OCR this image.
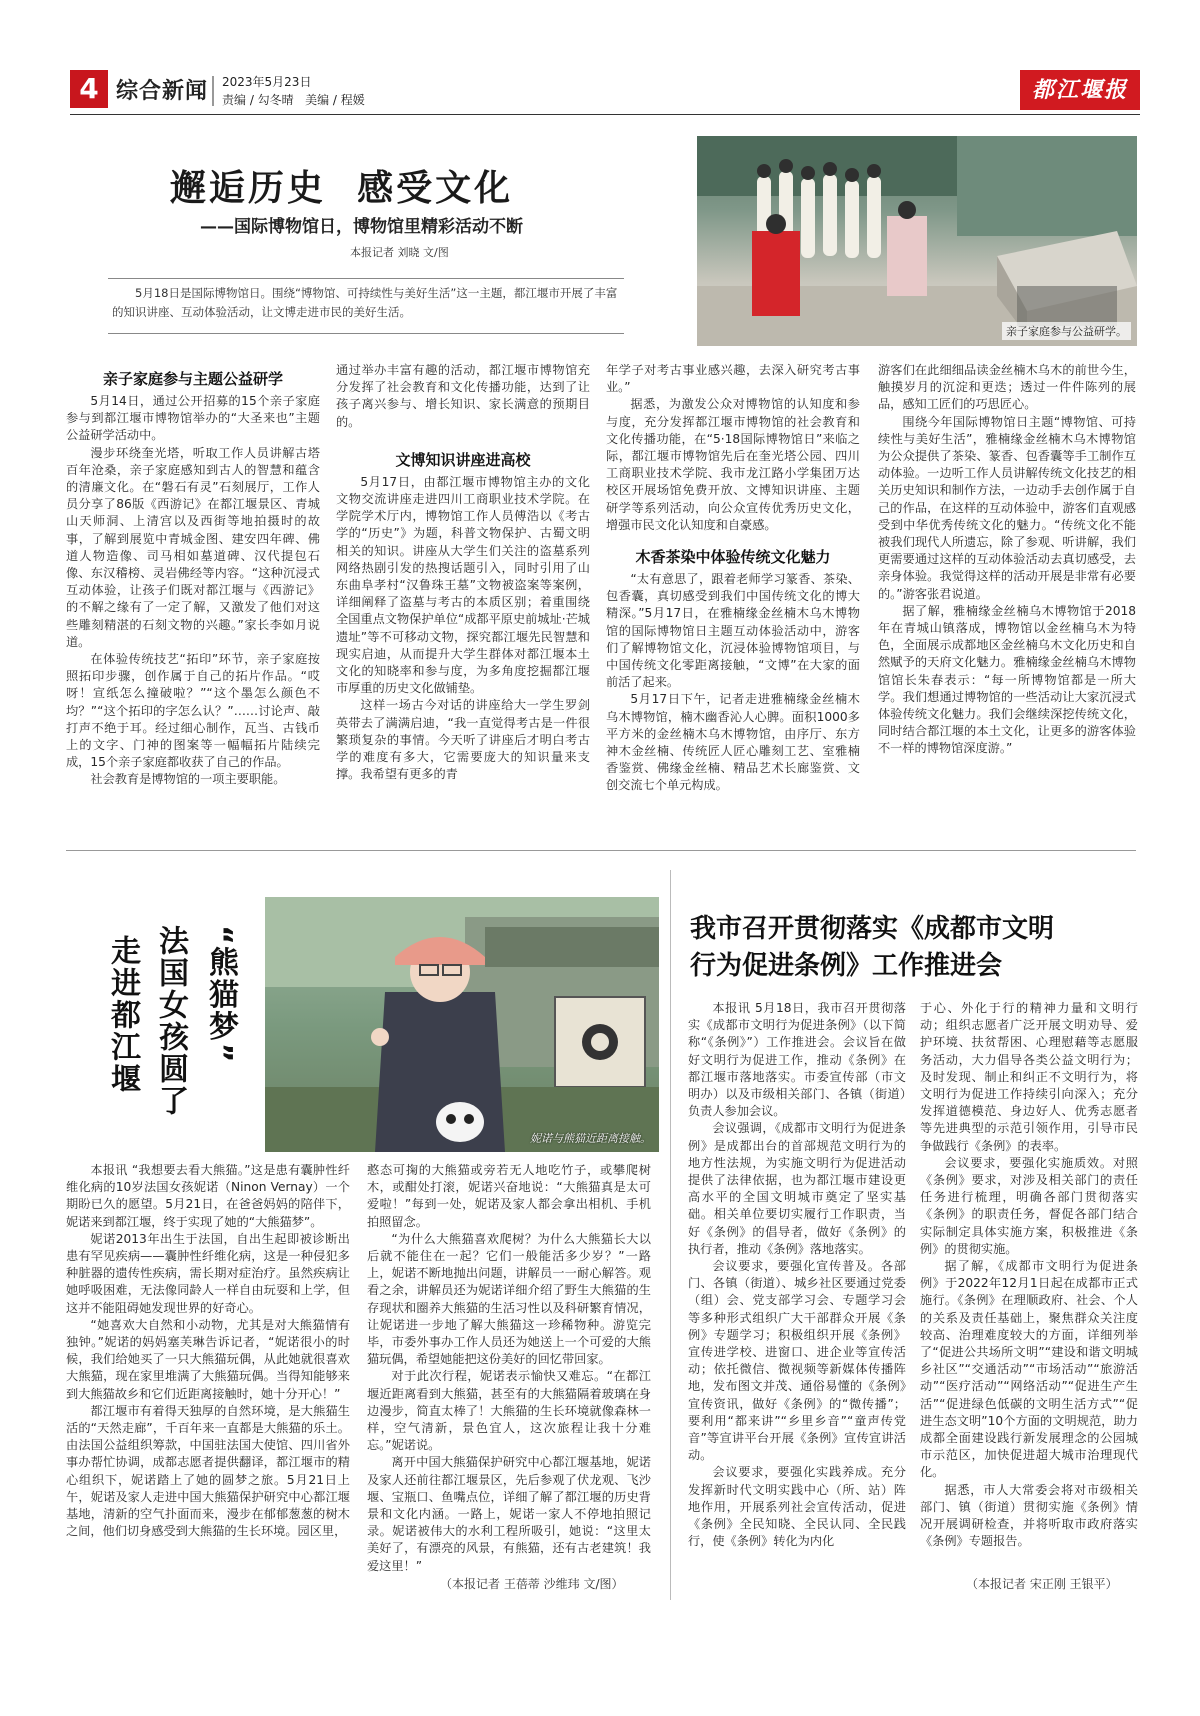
4 综合新闻 2023年5月23日
责编 / 勾冬晴   美编 / 程媛	都江堰报
邂逅历史  感受文化
——国际博物馆日，博物馆里精彩活动不断
本报记者 刘晓 文/图
5月18日是国际博物馆日。围绕“博物馆、可持续性与美好生活”这一主题，都江堰市开展了丰富的知识讲座、互动体验活动，让文博走进市民的美好生活。
亲子家庭参与公益研学。
亲子家庭参与主题公益研学

5月14日，通过公开招募的15个亲子家庭参与到都江堰市博物馆举办的“大圣来也”主题公益研学活动中。

漫步环绕奎光塔，听取工作人员讲解古塔百年沧桑，亲子家庭感知到古人的智慧和蕴含的清廉文化。在“磐石有灵”石刻展厅，工作人员分享了86版《西游记》在都江堰景区、青城山天师洞、上清宫以及西街等地拍摄时的故事，了解到展览中青城金图、建安四年碑、佛道人物造像、司马相如墓道碑、汉代提包石像、东汉稽榜、灵岩佛经等内容。“这种沉浸式互动体验，让孩子们既对都江堰与《西游记》的不解之缘有了一定了解，又激发了他们对这些雕刻精湛的石刻文物的兴趣。”家长李如月说道。

在体验传统技艺“拓印”环节，亲子家庭按照拓印步骤，创作属于自己的拓片作品。“哎呀！宣纸怎么撞破啦？”“这个墨怎么颜色不均？”“这个拓印的字怎么认？”……讨论声、敲打声不绝于耳。经过细心制作，瓦当、古钱币上的文字、门神的图案等一幅幅拓片陆续完成，15个亲子家庭都收获了自己的作品。

社会教育是博物馆的一项主要职能。

通过举办丰富有趣的活动，都江堰市博物馆充分发挥了社会教育和文化传播功能，达到了让孩子离兴参与、增长知识、家长满意的预期目的。

文博知识讲座进高校

5月17日，由都江堰市博物馆主办的文化文物交流讲座走进四川工商职业技术学院。在学院学术厅内，博物馆工作人员傅浩以《考古学的“历史”》为题，科普文物保护、古蜀文明相关的知识。讲座从大学生们关注的盗墓系列网络热剧引发的热搜话题引入，同时引用了山东曲阜孝村“汉鲁珠王墓”文物被盗案等案例，详细阐释了盗墓与考古的本质区别；着重围绕全国重点文物保护单位“成都平原史前城址·芒城遗址”等不可移动文物，探究都江堰先民智慧和现实启迪，从而提升大学生群体对都江堰本土文化的知晓率和参与度，为多角度挖掘都江堰市厚重的历史文化做铺垫。

这样一场古今对话的讲座给大一学生罗剑英带去了满满启迪，“我一直觉得考古是一件很繁琐复杂的事情。今天听了讲座后才明白考古学的难度有多大，它需要庞大的知识量来支撑。我希望有更多的青

年学子对考古事业感兴趣，去深入研究考古事业。”

据悉，为激发公众对博物馆的认知度和参与度，充分发挥都江堰市博物馆的社会教育和文化传播功能，在“5·18国际博物馆日”来临之际，都江堰市博物馆先后在奎光塔公园、四川工商职业技术学院、我市龙江路小学集团万达校区开展场馆免费开放、文博知识讲座、主题研学等系列活动，向公众宣传优秀历史文化，增强市民文化认知度和自豪感。

木香茶染中体验传统文化魅力

“太有意思了，跟着老师学习篆香、茶染、包香囊，真切感受到我们中国传统文化的博大精深。”5月17日，在雅楠缘金丝楠木乌木博物馆的国际博物馆日主题互动体验活动中，游客们了解博物馆文化，沉浸体验博物馆项目，与中国传统文化零距离接触，“文博”在大家的面前活了起来。

5月17日下午，记者走进雅楠缘金丝楠木乌木博物馆，楠木幽香沁人心脾。面积1000多平方米的金丝楠木乌木博物馆，由序厅、东方神木金丝楠、传统匠人匠心雕刻工艺、室雅楠香鉴赏、佛缘金丝楠、精品艺术长廊鉴赏、文创交流七个单元构成。

游客们在此细细品读金丝楠木乌木的前世今生，触摸岁月的沉淀和更迭；透过一件件陈列的展品，感知工匠们的巧思匠心。

围绕今年国际博物馆日主题“博物馆、可持续性与美好生活”，雅楠缘金丝楠木乌木博物馆为公众提供了茶染、篆香、包香囊等手工制作互动体验。一边听工作人员讲解传统文化技艺的相关历史知识和制作方法，一边动手去创作属于自己的作品，在这样的互动体验中，游客们直观感受到中华优秀传统文化的魅力。“传统文化不能被我们现代人所遗忘，除了参观、听讲解，我们更需要通过这样的互动体验活动去真切感受，去亲身体验。我觉得这样的活动开展是非常有必要的。”游客张君说道。

据了解，雅楠缘金丝楠乌木博物馆于2018年在青城山镇落成，博物馆以金丝楠乌木为特色，全面展示成都地区金丝楠乌木文化历史和自然赋予的天府文化魅力。雅楠缘金丝楠乌木博物馆馆长朱春表示：“每一所博物馆都是一所大学。我们想通过博物馆的一些活动让大家沉浸式体验传统文化魅力。我们会继续深挖传统文化，同时结合都江堰的本土文化，让更多的游客体验不一样的博物馆深度游。”

走进都江堰 法国女孩圆了 “熊猫梦”
妮诺与熊猫近距离接触。

本报讯 “我想要去看大熊猫。”这是患有囊肿性纤维化病的10岁法国女孩妮诺（Ninon Vernay）一个期盼已久的愿望。5月21日，在爸爸妈妈的陪伴下，妮诺来到都江堰，终于实现了她的“大熊猫梦”。

妮诺2013年出生于法国，自出生起即被诊断出患有罕见疾病——囊肿性纤维化病，这是一种侵犯多种脏器的遗传性疾病，需长期对症治疗。虽然疾病让她呼吸困难，无法像同龄人一样自由玩耍和上学，但这并不能阻碍她发现世界的好奇心。

“她喜欢大自然和小动物，尤其是对大熊猫情有独钟。”妮诺的妈妈塞芙琳告诉记者，“妮诺很小的时候，我们给她买了一只大熊猫玩偶，从此她就很喜欢大熊猫，现在家里堆满了大熊猫玩偶。当得知能够来到大熊猫故乡和它们近距离接触时，她十分开心！”

都江堰市有着得天独厚的自然环境，是大熊猫生活的“天然走廊”，千百年来一直都是大熊猫的乐土。由法国公益组织筹款，中国驻法国大使馆、四川省外事办帮忙协调，成都志愿者提供翻译，都江堰市的精心组织下，妮诺踏上了她的圆梦之旅。5月21日上午，妮诺及家人走进中国大熊猫保护研究中心都江堰基地，清新的空气扑面而来，漫步在郁郁葱葱的树木之间，他们切身感受到大熊猫的生长环境。园区里，

憨态可掬的大熊猫或旁若无人地吃竹子，或攀爬树木，或酣处打滚，妮诺兴奋地说：“大熊猫真是太可爱啦！”每到一处，妮诺及家人都会拿出相机、手机拍照留念。

“为什么大熊猫喜欢爬树？为什么大熊猫长大以后就不能住在一起？它们一般能活多少岁？”一路上，妮诺不断地抛出问题，讲解员一一耐心解答。观看之余，讲解员还为妮诺详细介绍了野生大熊猫的生存现状和圈养大熊猫的生活习性以及科研繁育情况，让妮诺进一步地了解大熊猫这一珍稀物种。游览完毕，市委外事办工作人员还为她送上一个可爱的大熊猫玩偶，希望她能把这份美好的回忆带回家。

对于此次行程，妮诺表示愉快又难忘。“在都江堰近距离看到大熊猫，甚至有的大熊猫隔着玻璃在身边漫步，简直太棒了！大熊猫的生长环境就像森林一样，空气清新，景色宜人，这次旅程让我十分难忘。”妮诺说。

离开中国大熊猫保护研究中心都江堰基地，妮诺及家人还前往都江堰景区，先后参观了伏龙观、飞沙堰、宝瓶口、鱼嘴点位，详细了解了都江堰的历史背景和文化内涵。一路上，妮诺一家人不停地拍照记录。妮诺被伟大的水利工程所吸引，她说：“这里太美好了，有漂亮的风景，有熊猫，还有古老建筑！我爱这里！”

（本报记者 王蓓蒂 沙维玮 文/图）
我市召开贯彻落实《成都市文明
行为促进条例》工作推进会

本报讯 5月18日，我市召开贯彻落实《成都市文明行为促进条例》（以下简称“《条例》”）工作推进会。会议旨在做好文明行为促进工作，推动《条例》在都江堰市落地落实。市委宣传部（市文明办）以及市级相关部门、各镇（街道）负责人参加会议。

会议强调，《成都市文明行为促进条例》是成都出台的首部规范文明行为的地方性法规，为实施文明行为促进活动提供了法律依据，也为都江堰市建设更高水平的全国文明城市奠定了坚实基础。相关单位要切实履行工作职责，当好《条例》的倡导者，做好《条例》的执行者，推动《条例》落地落实。

会议要求，要强化宣传普及。各部门、各镇（街道）、城乡社区要通过党委（组）会、党支部学习会、专题学习会等多种形式组织广大干部群众开展《条例》专题学习；积极组织开展《条例》宣传进学校、进窗口、进企业等宣传活动；依托微信、微视频等新媒体传播阵地，发布图文并茂、通俗易懂的《条例》宣传资讯，做好《条例》的“微传播”；要利用“都来讲”“乡里乡音”“童声传党音”等宣讲平台开展《条例》宣传宣讲活动。

会议要求，要强化实践养成。充分发挥新时代文明实践中心（所、站）阵地作用，开展系列社会宣传活动，促进《条例》全民知晓、全民认同、全民践行，使《条例》转化为内化

于心、外化于行的精神力量和文明行动；组织志愿者广泛开展文明劝导、爱护环境、扶贫帮困、心理慰藉等志愿服务活动，大力倡导各类公益文明行为；及时发现、制止和纠正不文明行为，将文明行为促进工作持续引向深入；充分发挥道德模范、身边好人、优秀志愿者等先进典型的示范引领作用，引导市民争做践行《条例》的表率。

会议要求，要强化实施质效。对照《条例》要求，对涉及相关部门的责任任务进行梳理，明确各部门贯彻落实《条例》的职责任务，督促各部门结合实际制定具体实施方案，积极推进《条例》的贯彻实施。

据了解，《成都市文明行为促进条例》于2022年12月1日起在成都市正式施行。《条例》在理顺政府、社会、个人的关系及责任基础上，聚焦群众关注度较高、治理难度较大的方面，详细列举了“促进公共场所文明”“建设和谐文明城乡社区”“交通活动”“市场活动”“旅游活动”“医疗活动”“网络活动”“促进生产生活”“促进绿色低碳的文明生活方式”“促进生态文明”10个方面的文明规范，助力成都全面建设践行新发展理念的公园城市示范区，加快促进超大城市治理现代化。

据悉，市人大常委会将对市级相关部门、镇（街道）贯彻实施《条例》情况开展调研检查，并将听取市政府落实《条例》专题报告。

（本报记者 宋正刚 王银平）
